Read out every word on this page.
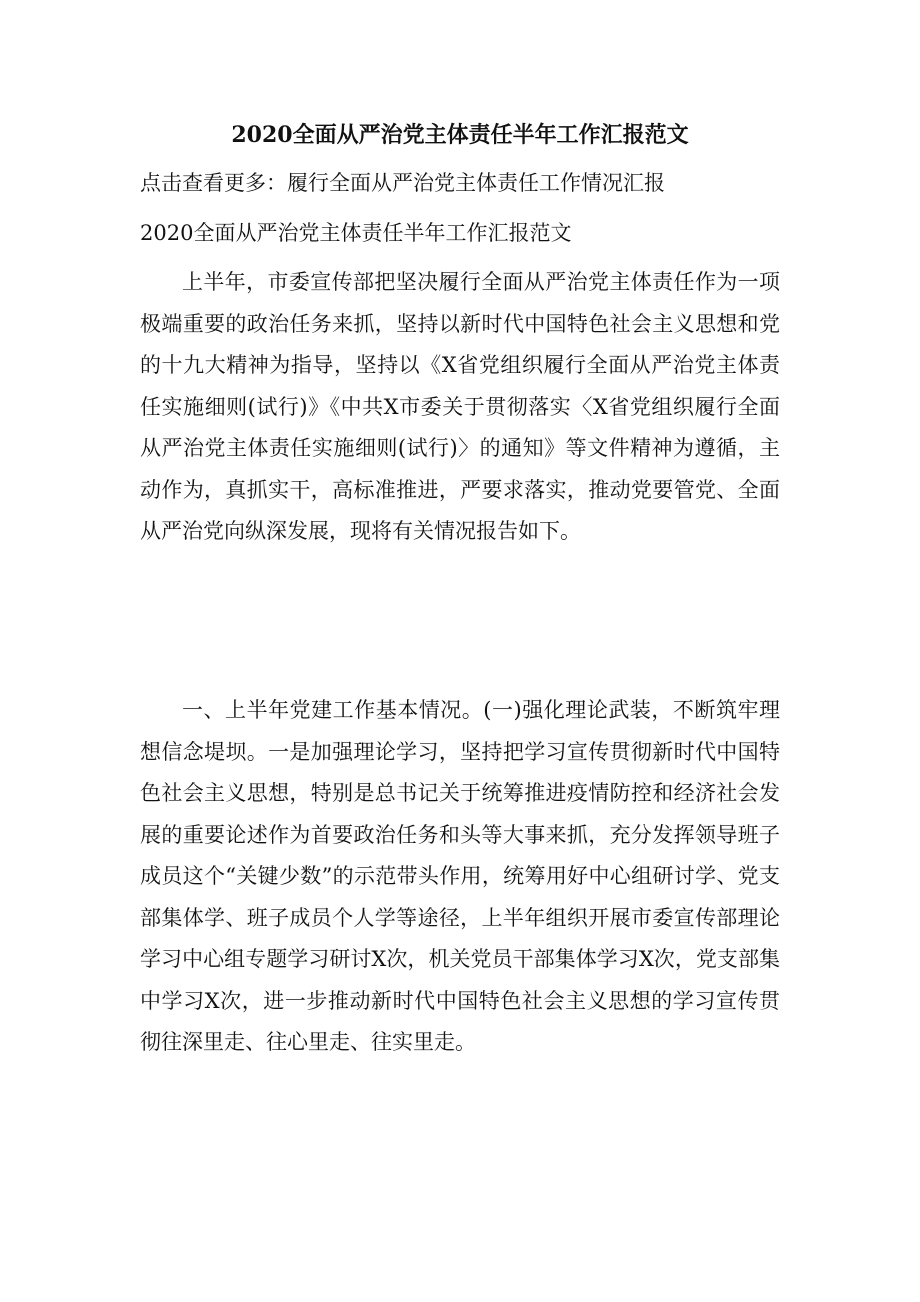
2020全面从严治党主体责任半年工作汇报范文
点击查看更多：履行全面从严治党主体责任工作情况汇报
2020全面从严治党主体责任半年工作汇报范文

上半年，市委宣传部把坚决履行全面从严治党主体责任作为一项极端重要的政治任务来抓，坚持以新时代中国特色社会主义思想和党的十九大精神为指导，坚持以《X省党组织履行全面从严治党主体责任实施细则(试行)》《中共X市委关于贯彻落实〈X省党组织履行全面从严治党主体责任实施细则(试行)〉的通知》等文件精神为遵循，主动作为，真抓实干，高标准推进，严要求落实，推动党要管党、全面从严治党向纵深发展，现将有关情况报告如下。

一、上半年党建工作基本情况。(一)强化理论武装，不断筑牢理想信念堤坝。一是加强理论学习，坚持把学习宣传贯彻新时代中国特色社会主义思想，特别是总书记关于统筹推进疫情防控和经济社会发展的重要论述作为首要政治任务和头等大事来抓，充分发挥领导班子成员这个“关键少数”的示范带头作用，统筹用好中心组研讨学、党支部集体学、班子成员个人学等途径，上半年组织开展市委宣传部理论学习中心组专题学习研讨X次，机关党员干部集体学习X次，党支部集中学习X次，进一步推动新时代中国特色社会主义思想的学习宣传贯彻往深里走、往心里走、往实里走。
